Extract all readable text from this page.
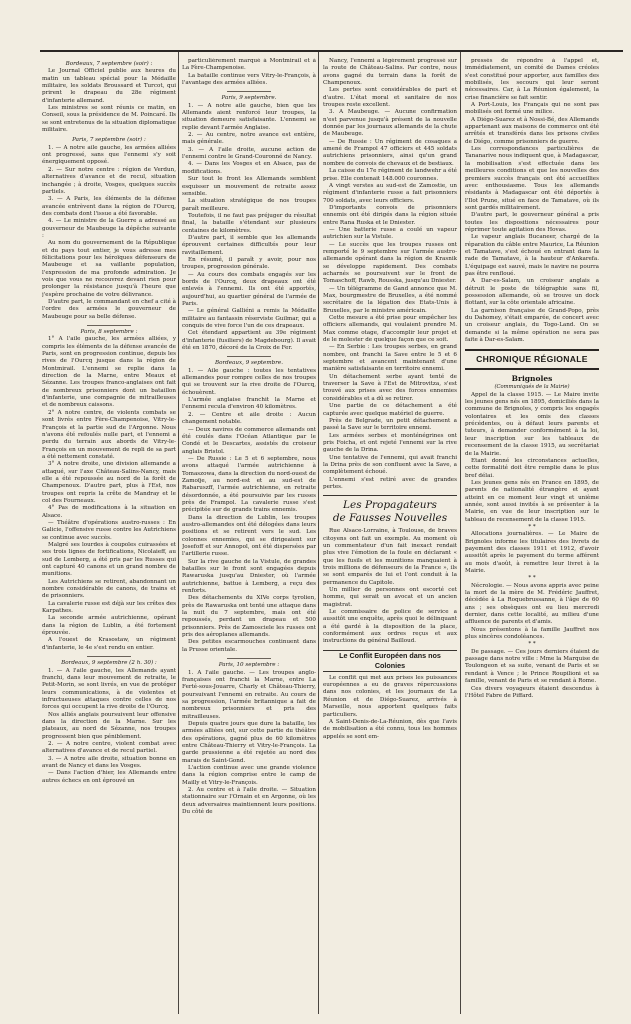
Bordeaux, 7 septembre (soir) :

Le Journal Officiel publie aux heures du matin un tableau spécial pour la Médaille militaire, les soldats Broussard et Turcot, qui prirent le drapeau du 28e régiment d'infanterie allemand.

Les ministres se sont réunis ce matin, en Conseil, sous la présidence de M. Poincaré. Ils se sont entretenus de la situation diplomatique militaire.

Paris, 7 septembre (soir) :

1. — A notre aile gauche, les armées alliées ont progressé, sans que l'ennemi s'y soit énergiquement opposé.

2. — Sur notre centre : région de Verdun, alternatives d'avance et de recul, situation inchangée ; à droite, Vosges, quelques succès partiels.

3. — A Paris, les éléments de la défense avancée entrèvent dans la région de l'Ourcq, des combats dont l'issue a été favorable.

4. — Le ministre de la Guerre a adressé au gouverneur de Maubeuge la dépêche suivante :

Au nom du gouvernement de la République et du pays tout entier, je vous adresse mes félicitations pour les héroïques défenseurs de Maubeuge et sa vaillante population, l'expression de ma profonde admiration. Je vois que vous ne recouvrez devant rien pour prolonger la résistance jusqu'à l'heure que j'espère prochaine de votre délivrance.

D'autre part, le commandant en chef a cité à l'ordre des armées le gouverneur de Maubeuge pour sa belle défense.

Paris, 8 septembre :

1° A l'aile gauche, les armées alliées, y compris les éléments de la défense avancée de Paris, sont en progression continue, depuis les rives de l'Ourcq jusque dans la région de Montmirail. L'ennemi se replie dans la direction de la Marne, entre Meaux et Sézanne. Les troupes franco-anglaises ont fait de nombreux prisonniers dont un bataillon d'infanterie, une compagnie de mitrailleuses et de nombreux caissons.

2° A notre centre, de violents combats se sont livrés entre Fère-Champenoise, Vitry-le-François et la partie sud de l'Argonne. Nous n'avons été refoulés nulle part, et l'ennemi a perdu du terrain aux abords de Vitry-le-François en un mouvement de repli de sa part a été nettement constaté.

3° A notre droite, une division allemande a attaqué, sur l'axe Château-Salins-Nancy, mais elle a été repoussée au nord de la forêt de Champenoux. D'autre part, plus à l'Est, nos troupes ont repris la crête de Mandray et le col des Fourneaux.

4° Pas de modifications à la situation en Alsace.

— Théâtre d'opérations austro-russes : En Galicie, l'offensive russe contre les Autrichiens se continue avec succès.

Malgré ses lourdes à coupoles cuirassées et ses trois lignes de fortifications, Nicolaieff, au sud de Lemberg, a été pris par les Russes qui ont capturé 40 canons et un grand nombre de munitions.

Les Autrichiens se retirent, abandonnant un nombre considérable de canons, de trains et de prisonniers.

La cavalerie russe est déjà sur les crêtes des Karpathes.

La seconde armée autrichienne, opérant dans la région de Lublin, a été fortement éprouvée.

A l'ouest de Krasostaw, un régiment d'infanterie, le 4e s'est rendu en entier.

Bordeaux, 9 septembre (2 h. 30) :

1. — A l'aile gauche, les Allemands ayant franchi, dans leur mouvement de retraite, le Petit-Morin, se sont livrés, en vue de protéger leurs communications, à de violentes et infructueuses attaques contre celles de nos forces qui occupent la rive droite de l'Ourcq.

Nos alliés anglais poursuivent leur offensive dans la direction de la Marne. Sur les plateaux, au nord de Sézanne, nos troupes progressent bien que péniblement.

2. — A notre centre, violent combat avec alternatives d'avance et de recul partiel.

3. — A notre aile droite, situation bonne en avant de Nancy et dans les Vosges.

— Dans l'action d'hier, les Allemands entre autres échecs en ont éprouvé un

particulièrement marqué à Montmirail et à La Fère-Champenoise.

La bataille continue vers Vitry-le-François, à l'avantage des armées alliées.

Paris, 9 septembre.

1. — A notre aile gauche, bien que les Allemands aient renforcé leur troupes, la situation demeure satisfaisante. L'ennemi se replie devant l'armée Anglaise.

2. — Au centre, notre avance est entière, mais générale.

3. — A l'aile droite, aucune action de l'ennemi contre le Grand-Couronné de Nancy.

4. — Dans les Vosges et en Alsace, pas de modifications.

Sur tout le front les Allemands semblent esquisser un mouvement de retraite assez sensible.

La situation stratégique de nos troupes paraît meilleure.

Toutefois, il ne faut pas préjuger du résultat final, la bataille s'étendant sur plusieurs centaines de kilomètres.

D'autre part, il semble que les allemands éprouvent certaines difficultés pour leur ravitaillement.

En résumé, il paraît y avoir, pour nos troupes, progression générale.

— Au cours des combats engagés sur les bords de l'Ourcq, deux drapeaux ont été enlevés à l'ennemi. Ils ont été apportés, aujourd'hui, au quartier général de l'armée de Paris.

— Le général Galliéni a remis la Médaille militaire au fantassin réserviste Guilmar, qui a conquis de vive force l'un de ces drapeaux.

Cet étendard appartient au 39e régiment d'infanterie (fusiliers) de Magdebourg). Il avait été en 1870, décoré de la Croix de Fer.

Bordeaux, 9 septembre.

1. — Aile gauche : toutes les tentatives allemandes pour rompre celles de nos troupes qui se trouvent sur la rive droite de l'Ourcq, échouèrent.

L'armée anglaise franchit la Marne et l'ennemi recula d'environ 40 kilomètres.

2. — Centre et aile droite : Aucun changement notable.

— Deux navires de commerce allemands ont été coulés dans l'Océan Atlantique par le Condé et le Descartes, assistés du croiseur anglais Bristol.

— De Russie : Le 5 et 6 septembre, nous avons attaqué l'armée autrichienne à Tomaszowa, dans la direction du nord-ouest de Zamoïje, au nord-est et au sud-est de Rabaruszff, l'armée autrichienne, en retraite désordonnée, a été poursuivie par les russes près de Frampol. La cavalerie russe s'est précipitée sur de grands trains ennemis.

Dans la direction de Lublin, les troupes austro-allemandes ont été délogées dans leurs positions et se retirent vers le sud. Les colonnes ennemies, qui se dirigeaient sur Josefoff et sur Annopol, ont été dispersées par l'artillerie russe.

Sur la rive gauche de la Vistule, de grandes batailles sur le front sont engagées depuis Rawaruska jusqu'au Dniester, où l'armée autrichienne, battue à Lemberg, a reçu des renforts.

Des détachements du XIVe corps tyrolien, près de Rawaruska ont tenté une attaque dans la nuit du 7 septembre, mais ont été repoussés, perdant un drapeau et 500 prisonniers. Près de Zamosciele les russes ont pris des aéroplanes allemands.

Des petites escarmouches continuent dans la Prusse orientale.

Paris, 10 septembre :

1. A l'aile gauche. — Les troupes anglo-françaises ont franchi la Marne, entre La Ferté-sous-Jouarre, Charly et Château-Thierry, poursuivant l'ennemi en retraite. Au cours de sa progression, l'armée britannique a fait de nombreux prisonniers et pris des mitrailleuses.

Depuis quatre jours que dure la bataille, les armées alliées ont, sur cette partie du théâtre des opérations, gagné plus de 60 kilomètres entre Château-Thierry et Vitry-le-François. La garde prussienne a été rejetée au nord des marais de Saint-Gond.

L'action continue avec une grande violence dans la région comprise entre le camp de Mailly et Vitry-le-François.

2. Au centre et à l'aile droite. — Situation stationnaire sur l'Ornain et en Argonne, où les deux adversaires maintiennent leurs positions. Du côté de

Nancy, l'ennemi a légèrement progressé sur la route de Château-Salins. Par contre, nous avons gagné du terrain dans la forêt de Champenoux.

Les pertes sont considérables de part et d'autre. L'état moral et sanitaire de nos troupes reste excellent.

3. A Maubeuge. — Aucune confirmation n'est parvenue jusqu'à présent de la nouvelle donnée par les journaux allemands de la chute de Maubeuge.

— De Russie : Un régiment de cosaques a amené de Frampol 47 officiers et 445 soldats autrichiens prisonniers, ainsi qu'un grand nombre de convois de chevaux et de bestiaux.

La caisse du 17e régiment de landwehr a été prise. Elle contenait 148.000 couronnes.

A vingt verstes au sud-est de Zamostie, un régiment d'infanterie russe a fait prisonniers 700 soldats, avec leurs officiers.

D'importants convois de prisonniers ennemis ont été dirigés dans la région située entre Rana Ruska et le Dniester.

— Une batterie russe a coulé un vapeur autrichien sur la Vistule.

— Le succès que les troupes russes ont remporté le 9 septembre sur l'armée austro-allemande opérant dans la région de Krasnik se développe rapidement. Des combats acharnés se poursuivent sur le front de Tomaschoff, Rawb, Rousska, jusqu'au Dniester.

— Un télégramme de Gand annonce que M. Max, bourgmestre de Bruxelles, a été nommé secrétaire de la légation des Etats-Unis à Bruxelles, par le ministre américain.

Cette mesure a été prise pour empêcher les officiers allemands, qui voulaient prendre M. Max comme otage, d'accomplir leur projet et de le molester de quelque façon que ce soit.

— En Serbie : Les troupes serbes, en grand nombre, ont franchi la Save entre le 5 et 6 septembre et avancent maintenant d'une manière satisfaisante en territoire ennemi.

Un détachement serbe ayant tenté de traverser la Save à l'Est de Mitrovitza, s'est trouvé aux prises avec des forces ennemies considérables et a dû se retirer.

Une partie de ce détachement a été capturée avec quelque matériel de guerre.

Près de Belgrade, un petit détachement a passé la Save sur le territoire ennemi.

Les armées serbes et monténégrines ont pris Foicha, et ont rejeté l'ennemi sur la rive gauche de la Drina.

Une tentative de l'ennemi, qui avait franchi la Drina près de son confluent avec la Save, a complètement échoué.

L'ennemi s'est retiré avec de grandes pertes.

Les Propagateurs
de Fausses Nouvelles

Rue Alsace-Lorraine, à Toulouse, de braves citoyens ont fait un exemple. Au moment où un commentateur d'un fait inexact rendait plus vive l'émotion de la foule en déclarant « que les fusils et les munitions manquaient à trois millions de défenseurs de la France », ils se sont emparés de lui et l'ont conduit à la permanence du Capitole.

Un millier de personnes ont escorté cet homme, qui serait un avocat et un ancien magistrat.

Le commissaire de police de service a aussitôt une enquête, après quoi le délinquant a été gardé à la disposition de la place, conformément aux ordres reçus et aux instructions du général Bailloud.

Le Conflit Européen dans nos Colonies

Le conflit qui met aux prises les puissances européennes a eu de graves répercussions dans nos colonies, et les journaux de La Réunion et de Diégo-Suarez, arrivés à Marseille, nous apportent quelques faits particuliers.

A Saint-Denis-de-La-Réunion, dès que l'avis de mobilisation a été connu, tous les hommes appelés se sont em-

pressés de répondre à l'appel et, immédiatement, un comité de Dames créoles s'est constitué pour apporter, aux familles des mobilisés, les secours qui leur seront nécessaires. Car, à La Réunion également, la crise financière se fait sentir.

A Port-Louis, les Français qui ne sont pas mobilisés ont formé une milice.

A Diégo-Suarez et à Nossi-Bé, des Allemands appartenant aux maisons de commerce ont été arrêtés et transférés dans les prisons civiles de Diégo, comme prisonniers de guerre.

Les correspondances particulières de Tananarive nous indiquent que, à Madagascar, la mobilisation s'est effectuée dans les meilleures conditions et que les nouvelles des premiers succès français ont été accueillies avec enthousiasme. Tous les allemands résidants à Madagascar ont été déportés à l'Ilot Prune, situé en face de Tamatave, où ils sont gardés militairement.

D'autre part, le gouverneur général a pris toutes les dispositions nécessaires pour réprimer toute agitation des Hovas.

Le vapeur anglais Bucaneer, chargé de la réparation du câble entre Maurice, La Réunion et Tamatave, s'est échoué en entrant dans la rade de Tamatave, à la hauteur d'Ankarefa. L'équipage est sauvé, mais le navire ne pourra pas être renfloué.

A Dar-es-Salam, un croiseur anglais a détruit le poste de télégraphie sans fil, possession allemande, où se trouve un dock flottant, sur la côte orientale africaine.

La garnison française de Grand-Popo, près du Dahomey, s'était emparée, de concert avec un croiseur anglais, du Togo-Land. On se demande si la même opération ne sera pas faite à Dar-es-Salam.

CHRONIQUE RÉGIONALE
Brignoles

(Communiqués de la Mairie)

Appel de la classe 1915. — Le Maire invite les jeunes gens nés en 1895, domiciliés dans la commune de Brignoles, y compris les engagés volontaires et les omis des classes précédentes, ou à défaut leurs parents et tuteurs, à demander conformément à la loi, leur inscription sur les tableaux de recensement de la classe 1915, au secrétariat de la Mairie.

Etant donné les circonstances actuelles, cette formalité doit être remplie dans le plus bref délai.

Les jeunes gens nés en France en 1895, de parents de nationalité étrangère et ayant atteint en ce moment leur vingt et unième année, sont aussi invités à se présenter à la Mairie, en vue de leur inscription sur le tableau de recensement de la classe 1915.

* *

Allocations journalières. — Le Maire de Brignoles informe les titulaires des livrets de payement des classes 1911 et 1912, d'avoir aussitôt après le payement du terme afférent au mois d'août, à remettre leur livret à la Mairie.

* *

Nécrologie. — Nous avons appris avec peine la mort de la mère de M. Frédéric Jauffret, décédée à La Roquebrussanne, à l'âge de 60 ans ; ses obsèques ont eu lieu mercredi dernier, dans cette localité, au milieu d'une affluence de parents et d'amis.

Nous présentons à la famille Jauffret nos plus sincères condoléances.

* *

De passage. — Ces jours derniers étaient de passage dans notre ville : Mme la Marquise de Toulongeon et sa suite, venant de Paris et se rendant à Vence ; le Prince Roupilioni et sa famille, venant de Paris et se rendant à Rome.

Ces divers voyageurs étaient descendus à l'Hôtel Fabre de Piffard.
